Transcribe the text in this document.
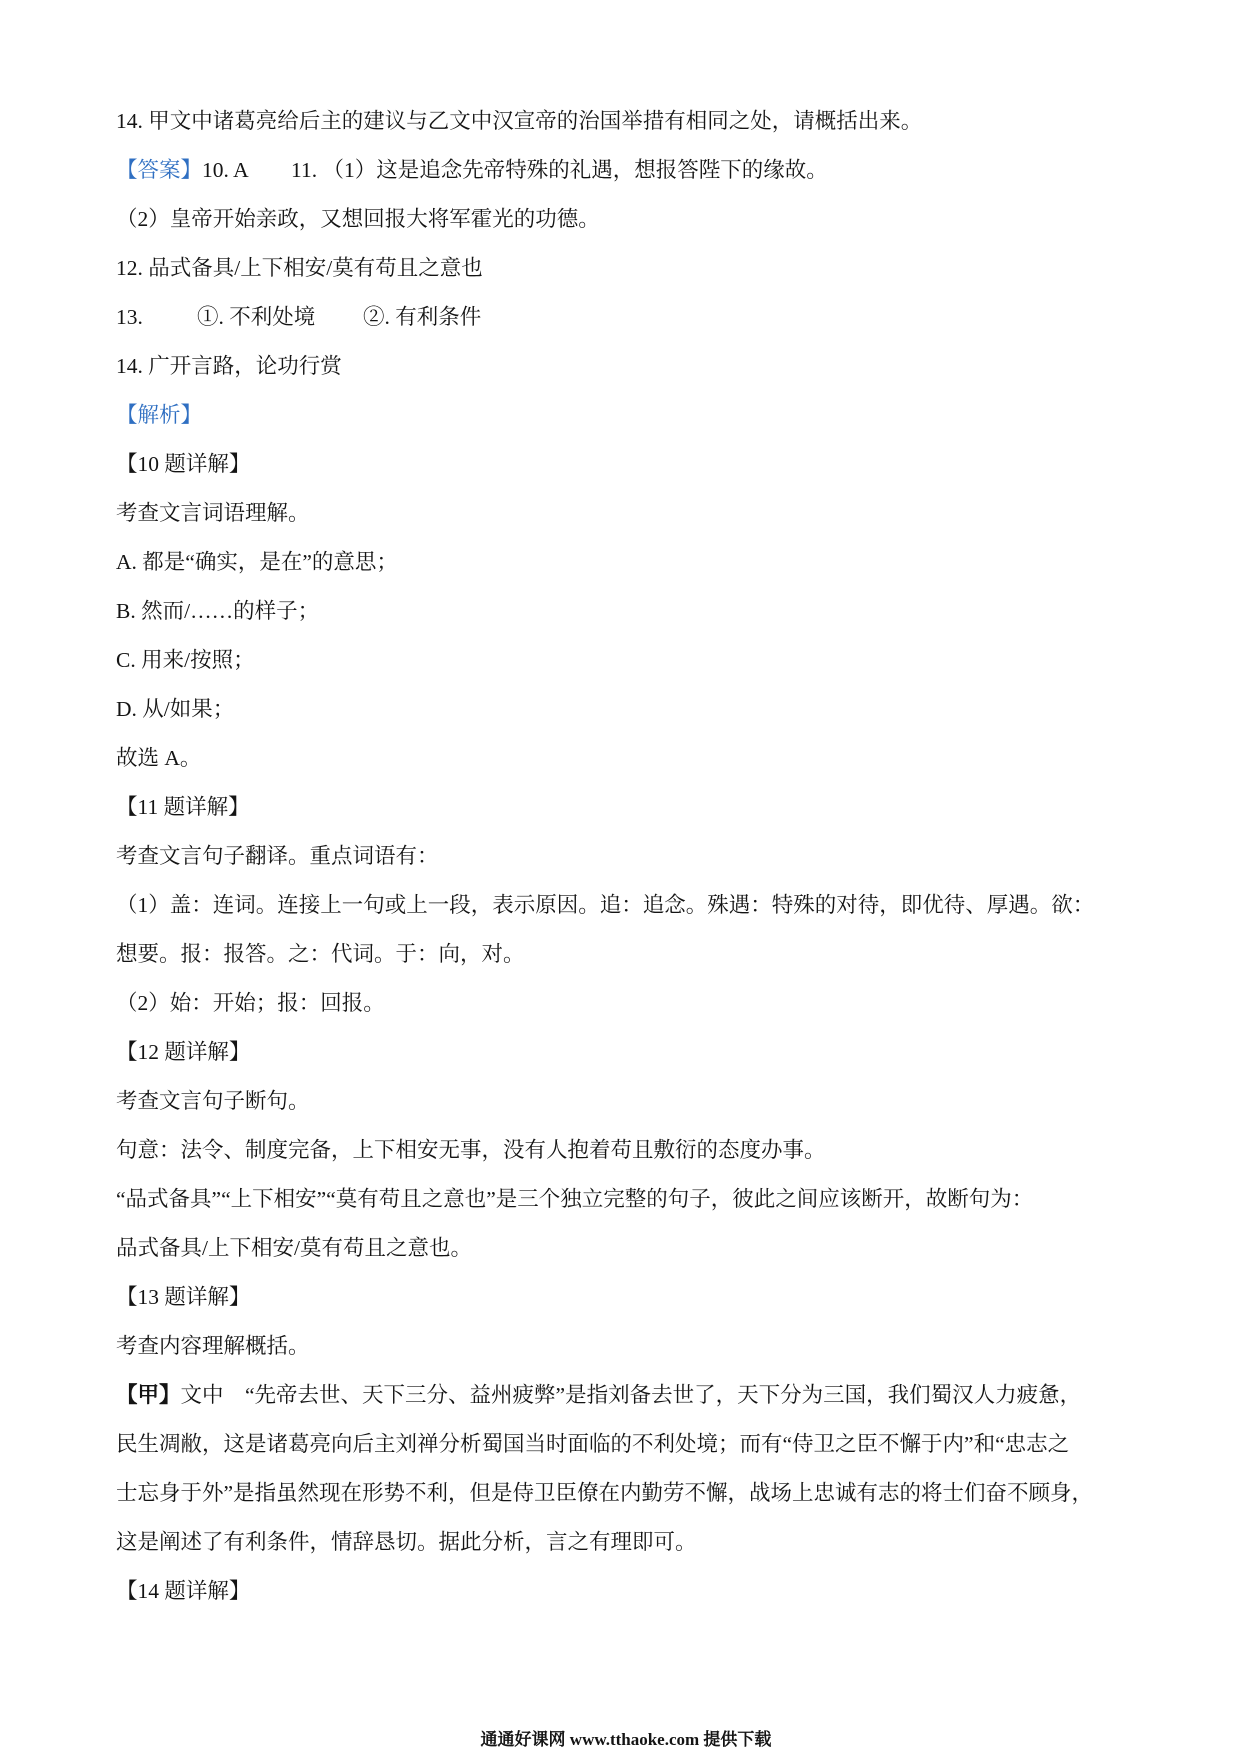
14. 甲文中诸葛亮给后主的建议与乙文中汉宣帝的治国举措有相同之处，请概括出来。
【答案】 10. A 11. （1）这是追念先帝特殊的礼遇，想报答陛下的缘故。
（2）皇帝开始亲政，又想回报大将军霍光的功德。
12. 品式备具/上下相安/莫有苟且之意也
13.	①. 不利处境 ②. 有利条件
14. 广开言路，论功行赏
【解析】
【10 题详解】
考查文言词语理解。
A. 都是“确实，是在”的意思；
B. 然而/……的样子；
C. 用来/按照；
D. 从/如果；
故选 A。
【11 题详解】
考查文言句子翻译。重点词语有：
（1）盖：连词。连接上一句或上一段，表示原因。追：追念。殊遇：特殊的对待，即优待、厚遇。欲：
想要。报：报答。之：代词。于：向，对。
（2）始：开始；报：回报。
【12 题详解】
考查文言句子断句。
句意：法令、制度完备，上下相安无事，没有人抱着苟且敷衍的态度办事。
“品式备具”“上下相安”“莫有苟且之意也”是三个独立完整的句子，彼此之间应该断开，故断句为：
品式备具/上下相安/莫有苟且之意也。
【13 题详解】
考查内容理解概括。
【甲】文中　“先帝去世、天下三分、益州疲弊”是指刘备去世了，天下分为三国，我们蜀汉人力疲惫，
民生凋敝，这是诸葛亮向后主刘禅分析蜀国当时面临的不利处境；而有“侍卫之臣不懈于内”和“忠志之
士忘身于外”是指虽然现在形势不利，但是侍卫臣僚在内勤劳不懈，战场上忠诚有志的将士们奋不顾身，
这是阐述了有利条件，情辞恳切。据此分析，言之有理即可。
【14 题详解】
通通好课网 www.tthaoke.com 提供下载
